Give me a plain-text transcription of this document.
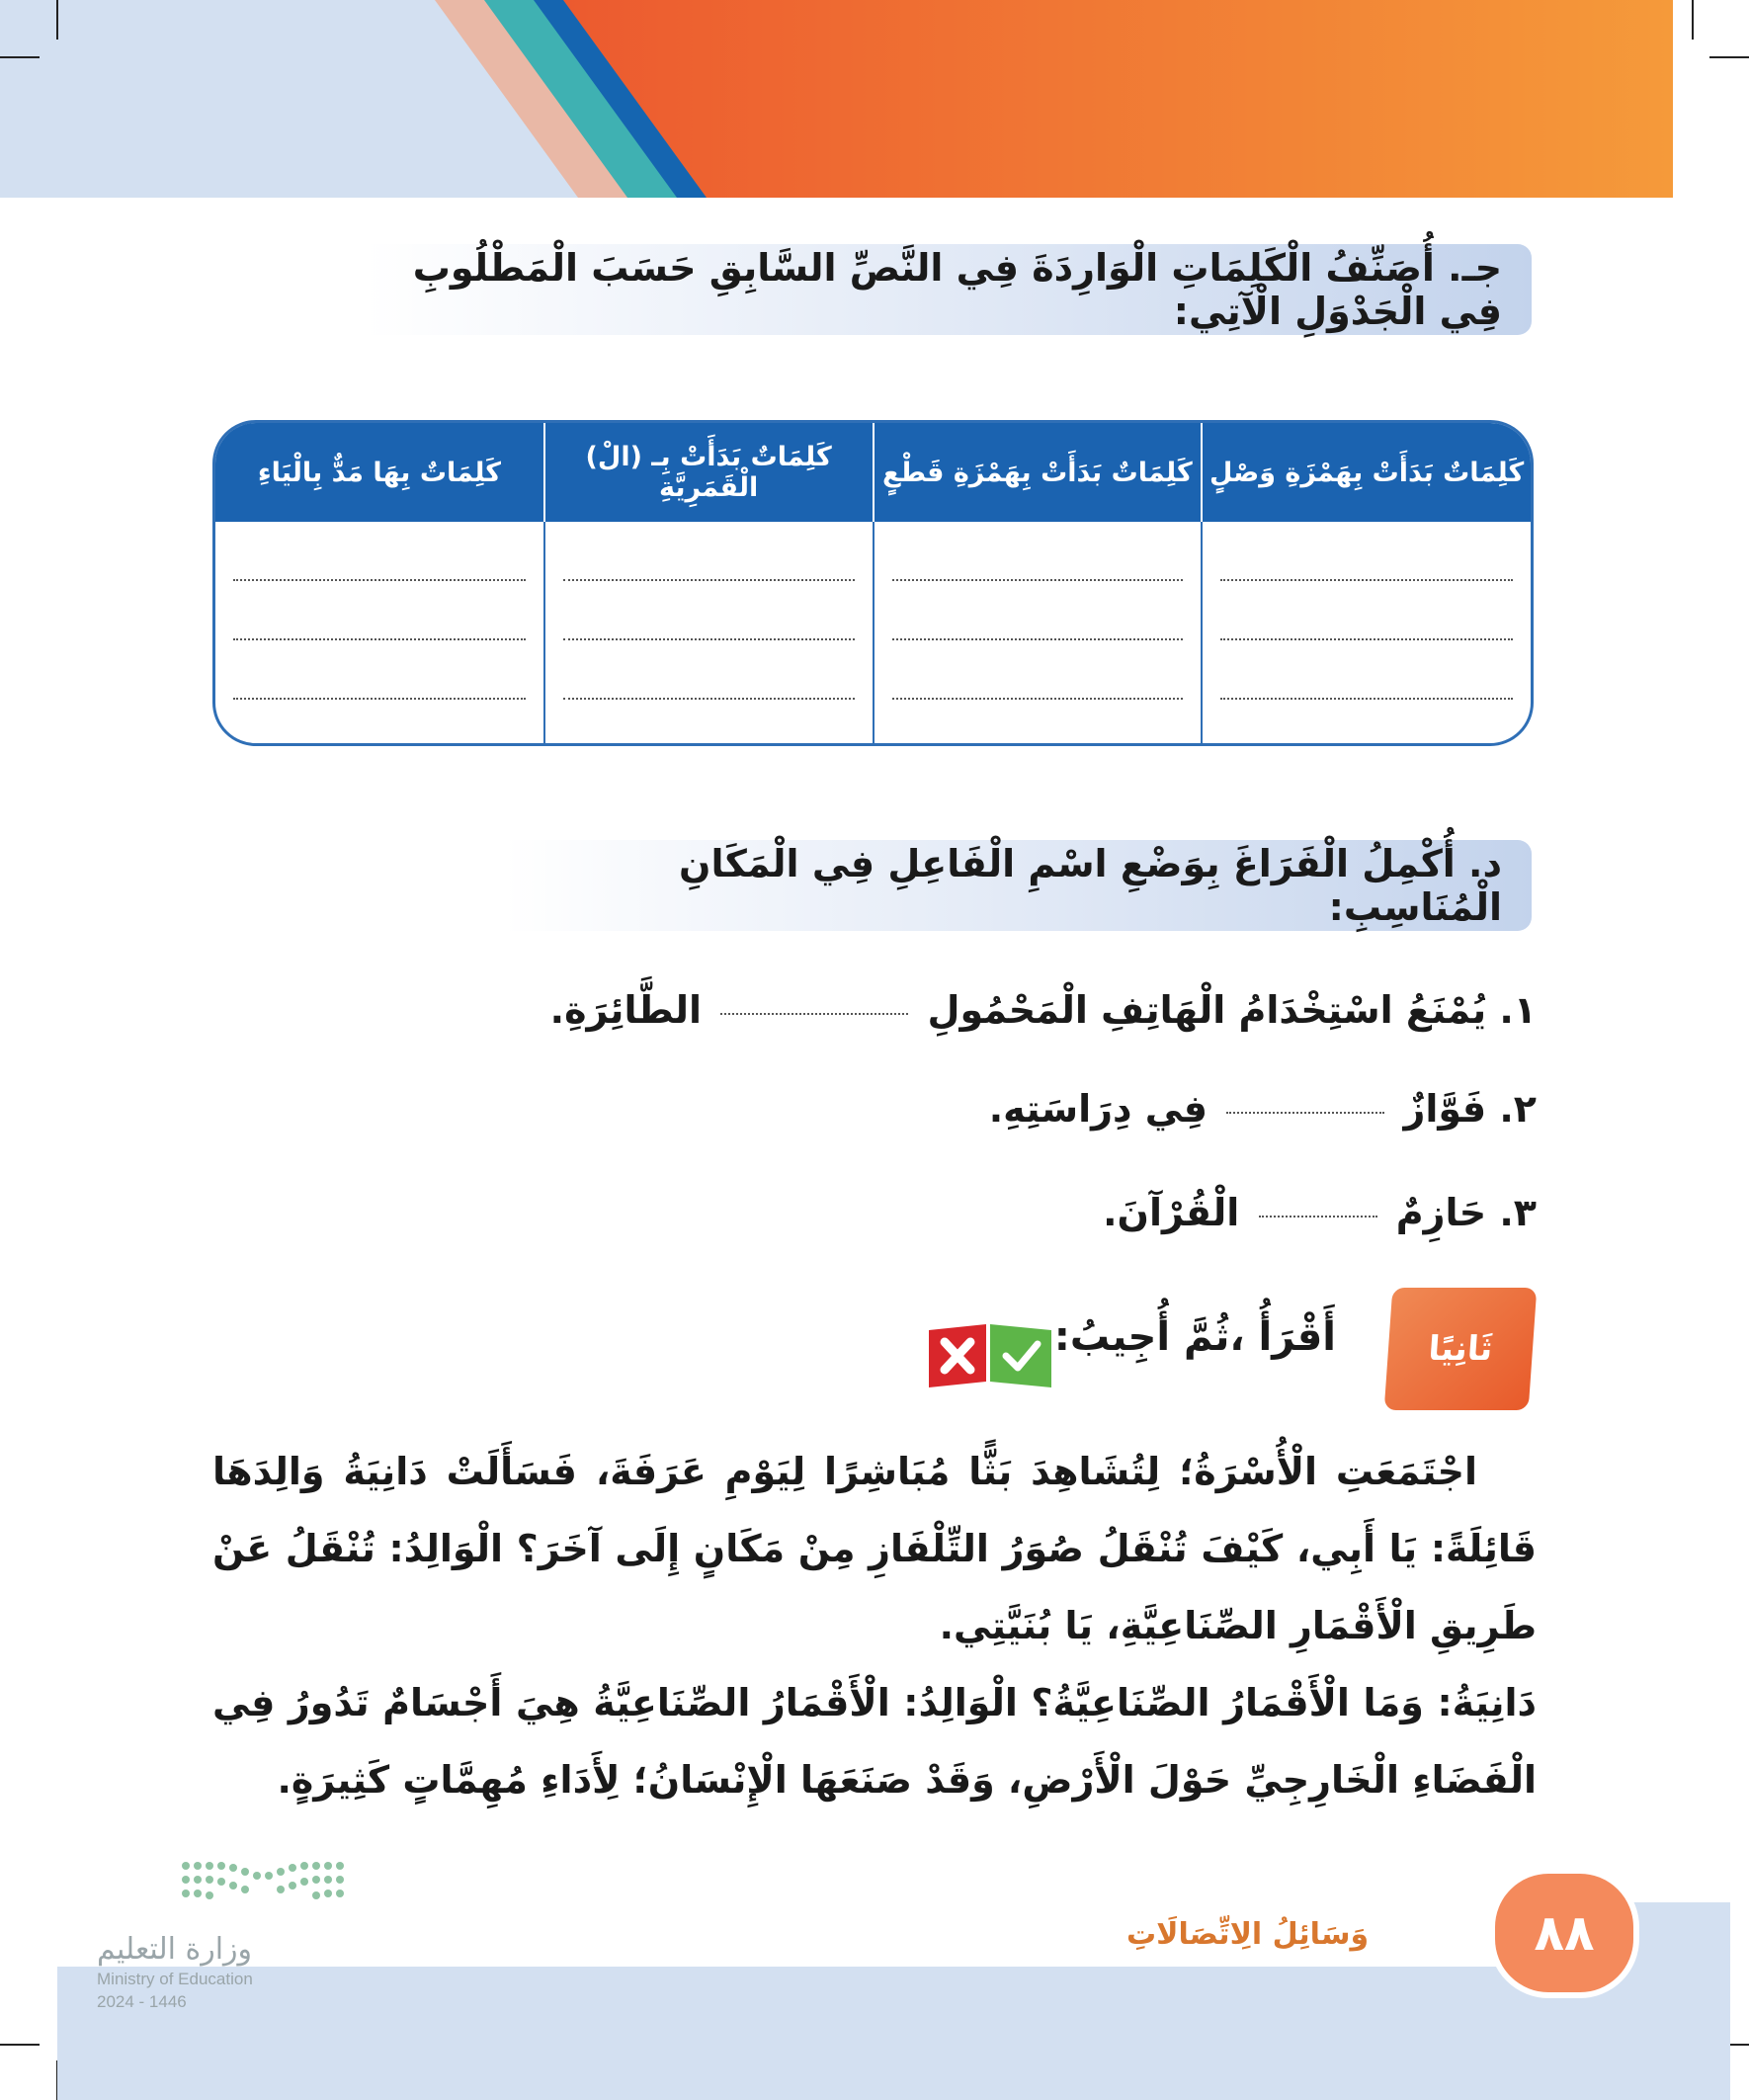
جـ. أُصَنِّفُ الْكَلِمَاتِ الْوَارِدَةَ فِي النَّصِّ السَّابِقِ حَسَبَ الْمَطْلُوبِ فِي الْجَدْوَلِ الْآتِي:
كَلِمَاتٌ بَدَأَتْ بِهَمْزَةِ وَصْلٍ	كَلِمَاتٌ بَدَأَتْ بِهَمْزَةِ قَطْعٍ	كَلِمَاتٌ بَدَأَتْ بِـ (الْ) الْقَمَرِيَّةِ	كَلِمَاتٌ بِهَا مَدٌّ بِالْيَاءِ

د. أُكْمِلُ الْفَرَاغَ بِوَضْعِ اسْمِ الْفَاعِلِ فِي الْمَكَانِ الْمُنَاسِبِ:
١. يُمْنَعُ اسْتِخْدَامُ الْهَاتِفِ الْمَحْمُولِ  الطَّائِرَةِ.
٢. فَوَّازٌ  فِي دِرَاسَتِهِ.
٣. حَازِمٌ  الْقُرْآنَ.
ثَانِيًا
أَقْرَأُ ،ثُمَّ أُجِيبُ:

اجْتَمَعَتِ الْأُسْرَةُ؛ لِتُشَاهِدَ بَثًّا مُبَاشِرًا لِيَوْمِ عَرَفَةَ، فَسَأَلَتْ دَانِيَةُ وَالِدَهَا قَائِلَةً: يَا أَبِي، كَيْفَ تُنْقَلُ صُوَرُ التِّلْفَازِ مِنْ مَكَانٍ إِلَى آخَرَ؟ الْوَالِدُ: تُنْقَلُ عَنْ طَرِيقِ الْأَقْمَارِ الصِّنَاعِيَّةِ، يَا بُنَيَّتِي.

دَانِيَةُ: وَمَا الْأَقْمَارُ الصِّنَاعِيَّةُ؟ الْوَالِدُ: الْأَقْمَارُ الصِّنَاعِيَّةُ هِيَ أَجْسَامٌ تَدُورُ فِي الْفَضَاءِ الْخَارِجِيِّ حَوْلَ الْأَرْضِ، وَقَدْ صَنَعَهَا الْإِنْسَانُ؛ لِأَدَاءِ مُهِمَّاتٍ كَثِيرَةٍ.

وزارة التعليم
Ministry of Education
2024 - 1446
وَسَائِلُ الِاتِّصَالَاتِ	٨٨
